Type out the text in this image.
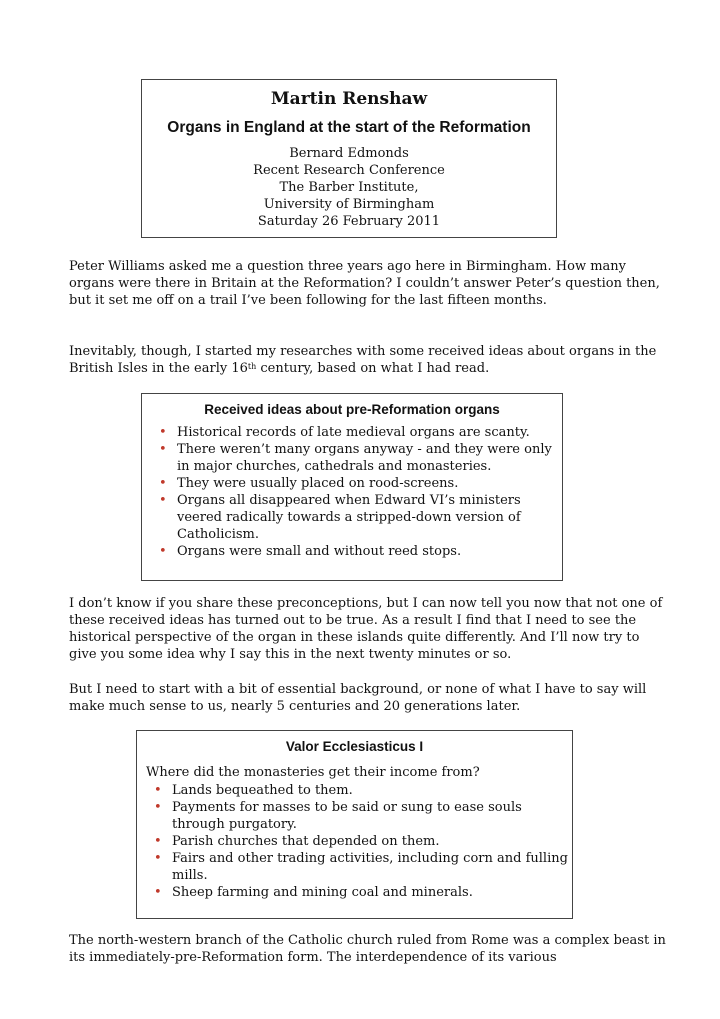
Martin Renshaw
Organs in England at the start of the Reformation
Bernard Edmonds
Recent Research Conference
The Barber Institute,
University of Birmingham
Saturday 26 February 2011
Peter Williams asked me a question three years ago here in Birmingham. How many organs were there in Britain at the Reformation? I couldn’t answer Peter’s question then, but it set me off on a trail I’ve been following for the last fifteen months.
Inevitably, though, I started my researches with some received ideas about organs in the British Isles in the early 16th century, based on what I had read.
Received ideas about pre-Reformation organs
• Historical records of late medieval organs are scanty.
• There weren’t many organs anyway - and they were only in major churches, cathedrals and monasteries.
• They were usually placed on rood-screens.
• Organs all disappeared when Edward VI’s ministers veered radically towards a stripped-down version of Catholicism.
• Organs were small and without reed stops.
I don’t know if you share these preconceptions, but I can now tell you now that not one of these received ideas has turned out to be true. As a result I find that I need to see the historical perspective of the organ in these islands quite differently. And I’ll now try to give you some idea why I say this in the next twenty minutes or so.
But I need to start with a bit of essential background, or none of what I have to say will make much sense to us, nearly 5 centuries and 20 generations later.
Valor Ecclesiasticus I
Where did the monasteries get their income from?
• Lands bequeathed to them.
• Payments for masses to be said or sung to ease souls through purgatory.
• Parish churches that depended on them.
• Fairs and other trading activities, including corn and fulling mills.
• Sheep farming and mining coal and minerals.
The north-western branch of the Catholic church ruled from Rome was a complex beast in its immediately-pre-Reformation form. The interdependence of its various
